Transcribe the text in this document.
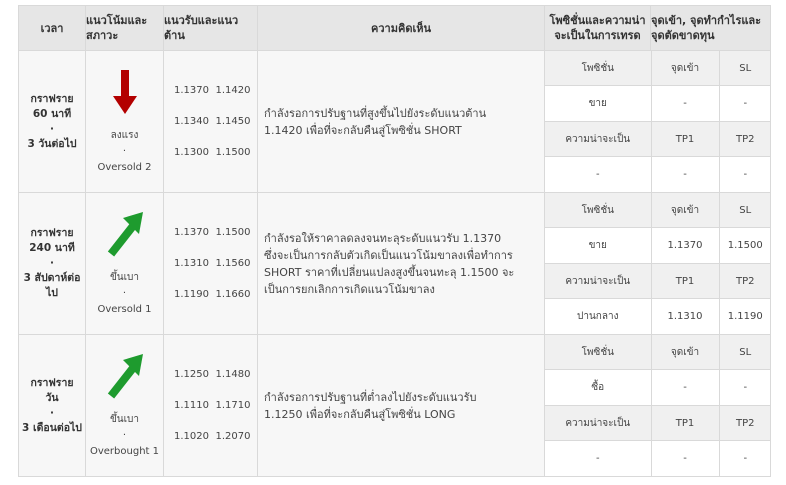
เวลา	แนวโน้มและสภาวะ	แนวรับและแนวต้าน	ความคิดเห็น	โพซิชั่นและความน่าจะเป็นในการเทรด	จุดเข้า, จุดทำกำไรและจุดตัดขาดทุน

กราฟราย
60 นาที
·
3 วันต่อไป

ลงแรง
·
Oversold 2

1.1370 1.1420
1.1340 1.1450
1.1300 1.1500
	กำลังรอการปรับฐานที่สูงขึ้นไปยังระดับแนวต้าน 1.1420 เพื่อที่จะกลับคืนสู่โพซิชั่น SHORT	
โพซิชั่น	จุดเข้า	SL
ขาย	-	-
ความน่าจะเป็น	TP1	TP2
-	-	-

กราฟราย
240 นาที
·
3 สัปดาห์ต่อไป

ขึ้นเบา
·
Oversold 1

1.1370 1.1500
1.1310 1.1560
1.1190 1.1660
	กำลังรอให้ราคาลดลงจนทะลุระดับแนวรับ 1.1370 ซึ่งจะเป็นการกลับตัวเกิดเป็นแนวโน้มขาลงเพื่อทำการ SHORT ราคาที่เปลี่ยนแปลงสูงขึ้นจนทะลุ 1.1500 จะเป็นการยกเลิกการเกิดแนวโน้มขาลง	
โพซิชั่น	จุดเข้า	SL
ขาย	1.1370	1.1500
ความน่าจะเป็น	TP1	TP2
ปานกลาง	1.1310	1.1190

กราฟราย
วัน
·
3 เดือนต่อไป

ขึ้นเบา
·
Overbought 1

1.1250 1.1480
1.1110 1.1710
1.1020 1.2070
	กำลังรอการปรับฐานที่ต่ำลงไปยังระดับแนวรับ 1.1250 เพื่อที่จะกลับคืนสู่โพซิชั่น LONG	
โพซิชั่น	จุดเข้า	SL
ซื้อ	-	-
ความน่าจะเป็น	TP1	TP2
-	-	-
